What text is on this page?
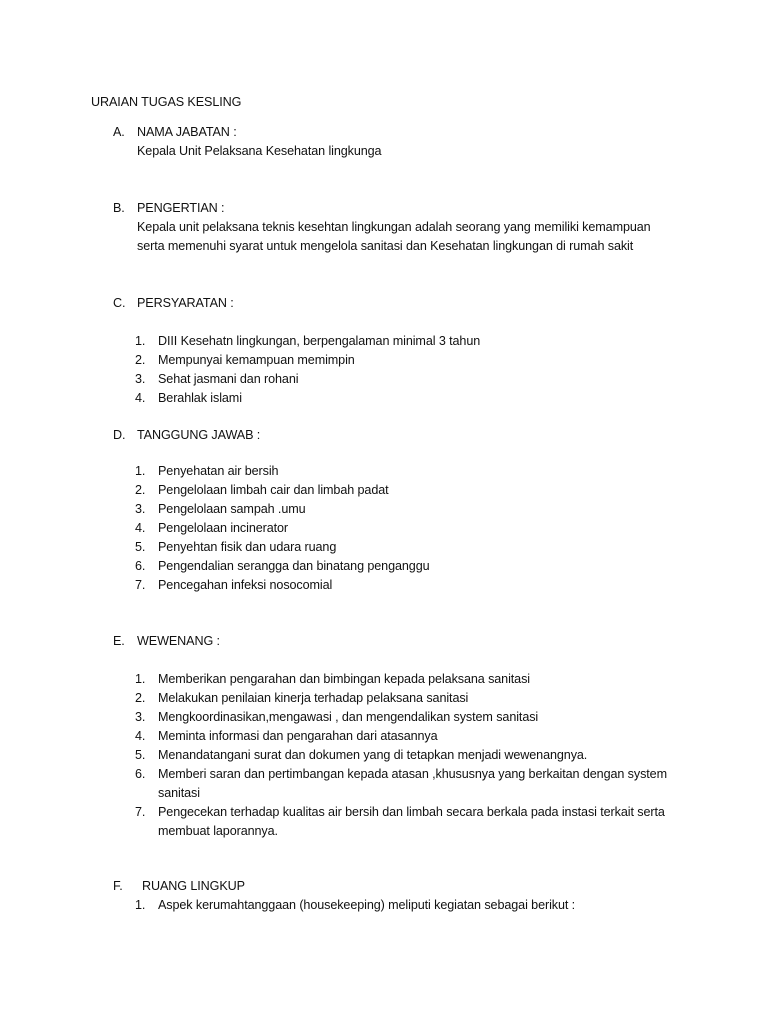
URAIAN TUGAS KESLING
A. NAMA JABATAN :
Kepala Unit Pelaksana Kesehatan lingkunga
B. PENGERTIAN :
Kepala unit pelaksana teknis kesehtan lingkungan adalah seorang yang memiliki kemampuan
serta memenuhi syarat untuk mengelola sanitasi dan Kesehatan lingkungan di rumah sakit
C. PERSYARATAN :
1. DIII Kesehatn lingkungan, berpengalaman minimal 3 tahun
2. Mempunyai kemampuan memimpin
3. Sehat jasmani dan rohani
4. Berahlak islami
D. TANGGUNG JAWAB :
1. Penyehatan air bersih
2. Pengelolaan limbah cair dan limbah padat
3. Pengelolaan sampah .umu
4. Pengelolaan incinerator
5. Penyehtan fisik dan udara ruang
6. Pengendalian serangga dan binatang penganggu
7. Pencegahan infeksi nosocomial
E. WEWENANG :
1. Memberikan pengarahan dan bimbingan kepada pelaksana sanitasi
2. Melakukan penilaian kinerja terhadap pelaksana sanitasi
3. Mengkoordinasikan,mengawasi , dan mengendalikan system sanitasi
4. Meminta informasi dan pengarahan dari atasannya
5. Menandatangani surat dan dokumen yang di tetapkan menjadi wewenangnya.
6. Memberi saran dan pertimbangan kepada atasan ,khususnya yang berkaitan dengan system sanitasi
7. Pengecekan terhadap kualitas air bersih dan limbah secara berkala pada instasi terkait serta membuat laporannya.
F. RUANG LINGKUP
1. Aspek kerumahtanggaan (housekeeping) meliputi kegiatan sebagai berikut :
